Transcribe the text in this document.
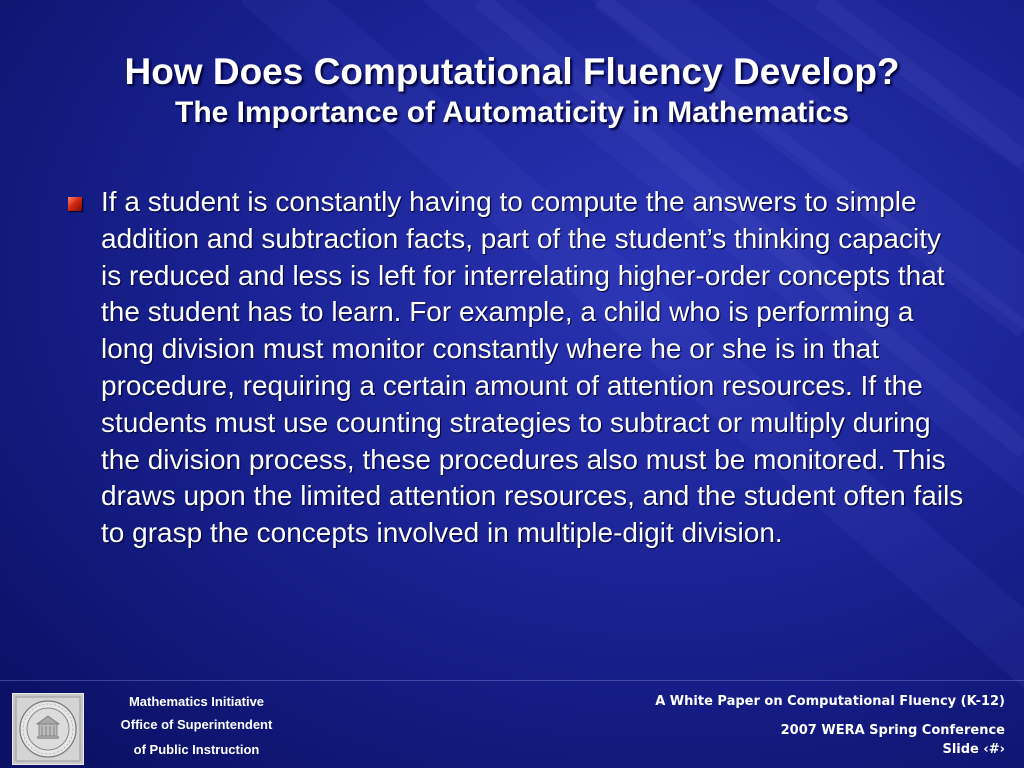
How Does Computational Fluency Develop?
The Importance of Automaticity in Mathematics

If a student is constantly having to compute the answers to simple addition and subtraction facts, part of the student’s thinking capacity is reduced and less is left for interrelating higher-order concepts that the student has to learn. For example, a child who is performing a long division must monitor constantly where he or she is in that procedure, requiring a certain amount of attention resources. If the students must use counting strategies to subtract or multiply during the division process, these procedures also must be monitored. This draws upon the limited attention resources, and the student often fails to grasp the concepts involved in multiple-digit division.

Mathematics Initiative
Office of Superintendent
of Public Instruction
A White Paper on Computational Fluency (K-12)
2007 WERA Spring Conference
Slide ‹#›
